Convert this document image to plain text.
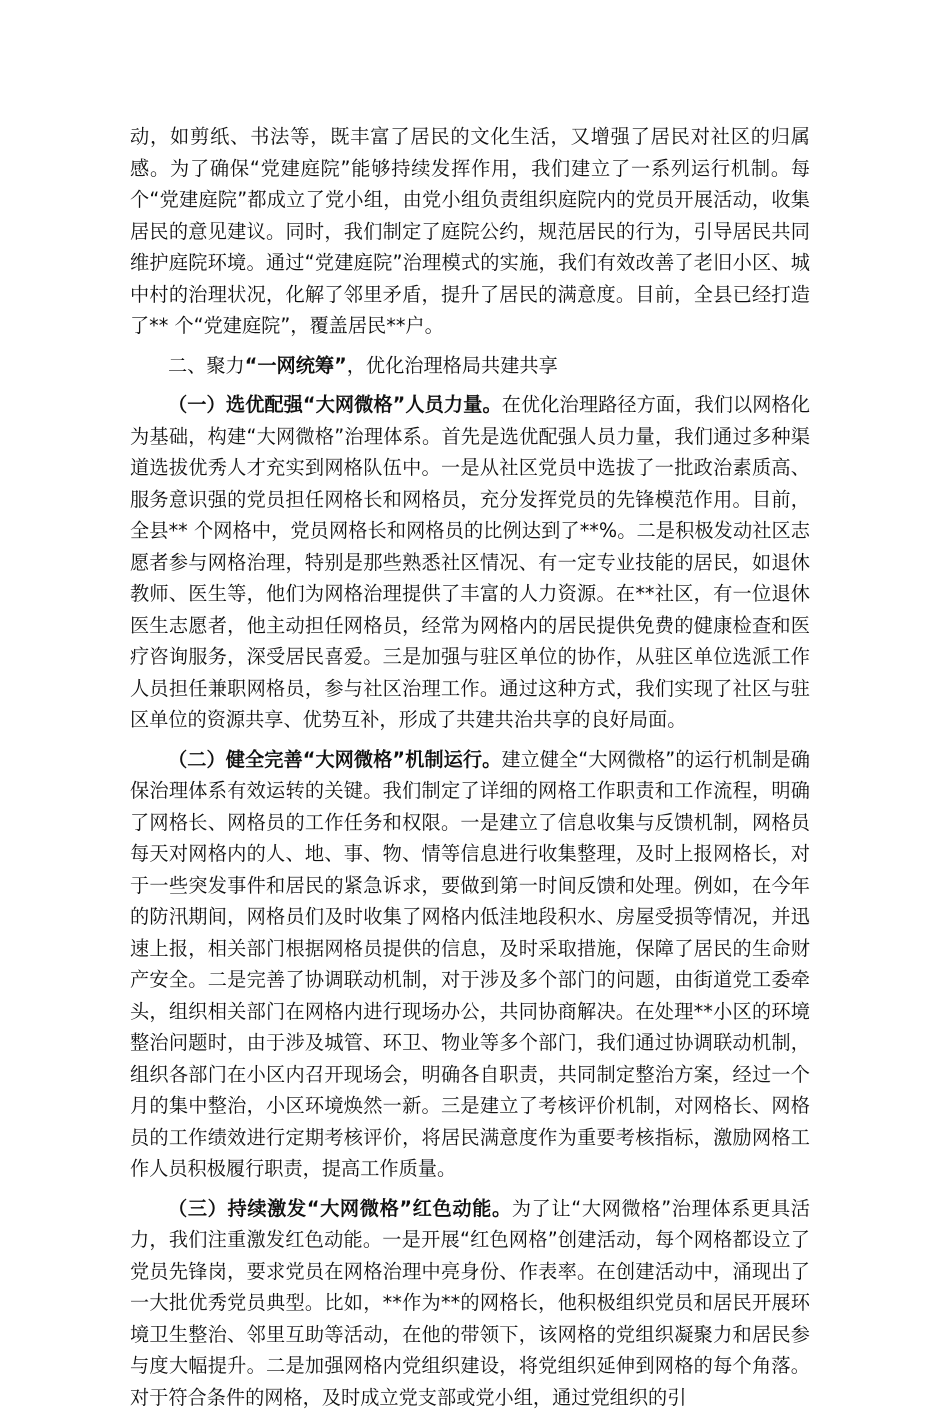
动，如剪纸、书法等，既丰富了居民的文化生活，又增强了居民对社区的归属感。为了确保“党建庭院”能够持续发挥作用，我们建立了一系列运行机制。每个“党建庭院”都成立了党小组，由党小组负责组织庭院内的党员开展活动，收集居民的意见建议。同时，我们制定了庭院公约，规范居民的行为，引导居民共同维护庭院环境。通过“党建庭院”治理模式的实施，我们有效改善了老旧小区、城中村的治理状况，化解了邻里矛盾，提升了居民的满意度。目前，全县已经打造了** 个“党建庭院”，覆盖居民**户。

二、聚力“一网统筹”，优化治理格局共建共享

（一）选优配强“大网微格”人员力量。在优化治理路径方面，我们以网格化为基础，构建“大网微格”治理体系。首先是选优配强人员力量，我们通过多种渠道选拔优秀人才充实到网格队伍中。一是从社区党员中选拔了一批政治素质高、服务意识强的党员担任网格长和网格员，充分发挥党员的先锋模范作用。目前，全县** 个网格中，党员网格长和网格员的比例达到了**%。二是积极发动社区志愿者参与网格治理，特别是那些熟悉社区情况、有一定专业技能的居民，如退休教师、医生等，他们为网格治理提供了丰富的人力资源。在**社区，有一位退休医生志愿者，他主动担任网格员，经常为网格内的居民提供免费的健康检查和医疗咨询服务，深受居民喜爱。三是加强与驻区单位的协作，从驻区单位选派工作人员担任兼职网格员，参与社区治理工作。通过这种方式，我们实现了社区与驻区单位的资源共享、优势互补，形成了共建共治共享的良好局面。

（二）健全完善“大网微格”机制运行。建立健全“大网微格”的运行机制是确保治理体系有效运转的关键。我们制定了详细的网格工作职责和工作流程，明确了网格长、网格员的工作任务和权限。一是建立了信息收集与反馈机制，网格员每天对网格内的人、地、事、物、情等信息进行收集整理，及时上报网格长，对于一些突发事件和居民的紧急诉求，要做到第一时间反馈和处理。例如，在今年的防汛期间，网格员们及时收集了网格内低洼地段积水、房屋受损等情况，并迅速上报，相关部门根据网格员提供的信息，及时采取措施，保障了居民的生命财产安全。二是完善了协调联动机制，对于涉及多个部门的问题，由街道党工委牵头，组织相关部门在网格内进行现场办公，共同协商解决。在处理**小区的环境整治问题时，由于涉及城管、环卫、物业等多个部门，我们通过协调联动机制，组织各部门在小区内召开现场会，明确各自职责，共同制定整治方案，经过一个月的集中整治，小区环境焕然一新。三是建立了考核评价机制，对网格长、网格员的工作绩效进行定期考核评价，将居民满意度作为重要考核指标，激励网格工作人员积极履行职责，提高工作质量。

（三）持续激发“大网微格”红色动能。为了让“大网微格”治理体系更具活力，我们注重激发红色动能。一是开展“红色网格”创建活动，每个网格都设立了党员先锋岗，要求党员在网格治理中亮身份、作表率。在创建活动中，涌现出了一大批优秀党员典型。比如，**作为**的网格长，他积极组织党员和居民开展环境卫生整治、邻里互助等活动，在他的带领下，该网格的党组织凝聚力和居民参与度大幅提升。二是加强网格内党组织建设，将党组织延伸到网格的每个角落。对于符合条件的网格，及时成立党支部或党小组，通过党组织的引
